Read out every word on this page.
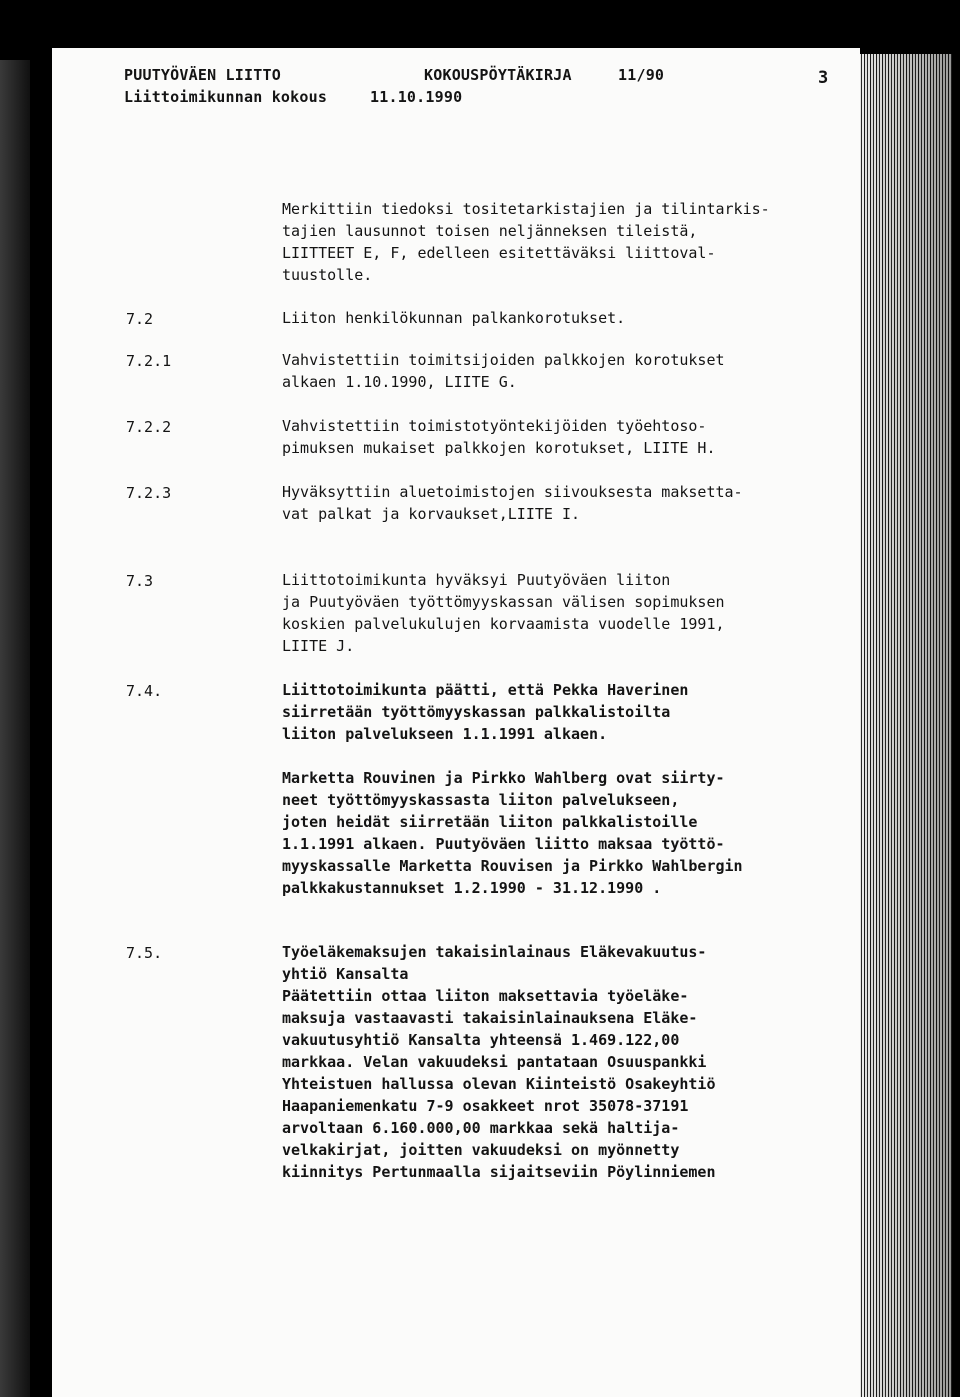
PUUTYÖVÄEN LIITTO	KOKOUSPÖYTÄKIRJA	11/90	3
Liittoimikunnan kokous	11.10.1990
Merkittiin tiedoksi tositetarkistajien ja tilintarkis-
tajien lausunnot toisen neljänneksen tileistä,
LIITTEET E, F, edelleen esitettäväksi liittoval-
tuustolle.
7.2	Liiton henkilökunnan palkankorotukset.
7.2.1	Vahvistettiin toimitsijoiden palkkojen korotukset
alkaen 1.10.1990, LIITE G.
7.2.2	Vahvistettiin toimistotyöntekijöiden työehtoso-
pimuksen mukaiset palkkojen korotukset, LIITE H.
7.2.3	Hyväksyttiin aluetoimistojen siivouksesta maksetta-
vat palkat ja korvaukset,LIITE I.
7.3	Liittotoimikunta hyväksyi Puutyöväen liiton
ja Puutyöväen työttömyyskassan välisen sopimuksen
koskien palvelukulujen korvaamista vuodelle 1991,
LIITE J.
7.4.	Liittotoimikunta päätti, että Pekka Haverinen
siirretään työttömyyskassan palkkalistoilta
liiton palvelukseen 1.1.1991 alkaen.
Marketta Rouvinen ja Pirkko Wahlberg ovat siirty-
neet työttömyyskassasta liiton palvelukseen,
joten heidät siirretään liiton palkkalistoille
1.1.1991 alkaen. Puutyöväen liitto maksaa työttö-
myyskassalle Marketta Rouvisen ja Pirkko Wahlbergin
palkkakustannukset 1.2.1990 - 31.12.1990 .
7.5.	Työeläkemaksujen takaisinlainaus Eläkevakuutus-
yhtiö Kansalta
Päätettiin ottaa liiton maksettavia työeläke-
maksuja vastaavasti takaisinlainauksena Eläke-
vakuutusyhtiö Kansalta yhteensä 1.469.122,00
markkaa. Velan vakuudeksi pantataan Osuuspankki
Yhteistuen hallussa olevan Kiinteistö Osakeyhtiö
Haapaniemenkatu 7-9 osakkeet nrot 35078-37191
arvoltaan 6.160.000,00 markkaa sekä haltija-
velkakirjat, joitten vakuudeksi on myönnetty
kiinnitys Pertunmaalla sijaitseviin Pöylinniemen
